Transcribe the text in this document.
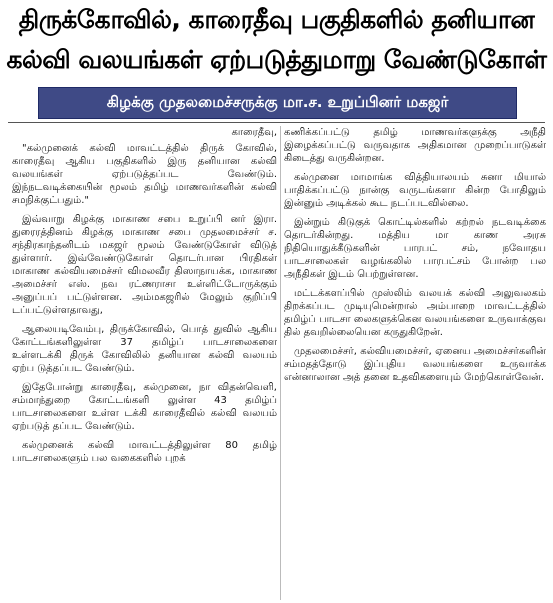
திருக்கோவில், காரைதீவு பகுதிகளில் தனியான
கல்வி வலயங்கள் ஏற்படுத்துமாறு வேண்டுகோள்
கிழக்கு முதலமைச்சருக்கு மா.ச. உறுப்பினர் மகஜர்

காரைதீவு,

"கல்முனைக் கல்வி மாவட்டத்தில் திருக் கோவில், காரைதீவு ஆகிய பகுதிகளில் இரு தனியான கல்வி வலயங்கள் ஏற்படுத்தப்பட வேண்டும். இந்நடவடிக்கையின் மூலம் தமிழ் மாணவர்களின் கல்வி சமநிக்குட்பதும்."

இவ்வாறு கிழக்கு மாகாண சபை உறுப்பி னர் இரா. துரைரத்தினம் கிழக்கு மாகாண சபை முதலமைச்சர் ச. சந்திரகாந்தனிடம் மகஜர் மூலம் வேண்டுகோள் விடுத் துள்ளார். இவ்வேண்டுகோள் தொடர்பான பிரதிகள் மாகாண கல்வியமைச்சர் விமலவீர திஸாநாயக்க, மாகாண அமைச்சர் எஸ். நவ ரட்ணராசா உள்ளிட்டோருக்கும் அனுப்பப் பட்டுள்ளன. அம்மகஜரில் மேலும் குறிப்பி டப்பட்டுள்ளதாவது,

ஆலையடிவேம்பு, திருக்கோவில், பொத் துவில் ஆகிய கோட்டங்களிலுள்ள 37 தமிழ்ப் பாடசாலைகளை உள்ளடக்கி திருக் கோவிலில் தனியான கல்வி வலயம் ஏற்ப டுத்தப்பட வேண்டும்.

இதேபோன்று காரைதீவு, கல்முனை, நா விதன்வெளி, சம்மாந்துறை கோட்டங்களி லுள்ள 43 தமிழ்ப் பாடசாலைகளை உள்ள டக்கி காரைதீவில் கல்வி வலயம் ஏற்படுத் தப்பட வேண்டும்.

கல்முனைக் கல்வி மாவட்டத்திலுள்ள 80 தமிழ் பாடசாலைகளும் பல வகைகளில் புறக்

கணிக்கப்பட்டு தமிழ் மாணவர்களுக்கு அநீதி இழைக்கப்பட்டு வருவதாக அதிகமான முறைப்பாடுகள் கிடைத்து வருகின்றன.

கல்முனை மாமாங்க வித்தியாலயம் சுனா மியால் பாதிக்கப்பட்டு நான்கு வருடங்களா கின்ற போதிலும் இன்னும் அடிக்கல் கூட நடப்படவில்லை.

இன்றும் கிடுகுக் கொட்டில்களில் கற்றல் நடவடிக்கை தொடர்கின்றது. மத்திய மா காண அரசு நிதியொதுக்கீடுகளின் பாரபட் சம், நவோதய பாடசாலைகள் வழங்கலில் பாரபட்சம் போன்ற பல அநீதிகள் இடம் பெற்றுள்ளன.

மட்டக்களப்பில் முஸ்லிம் வலயக் கல்வி அலுவலகம் திறக்கப்பட முடியுமென்றால் அம்பாறை மாவட்டத்தில் தமிழ்ப் பாடசா லைகளுக்கென வலயங்களை உருவாக்குவ தில் தவறில்லையென கருதுகிறேன்.

முதலமைச்சர், கல்வியமைச்சர், ஏனைய அமைச்சர்களின் சம்மதத்தோடு இப்புதிய வலயங்களை உருவாக்க என்னாலான அத் தனை உதவிகளையும் மேற்கொள்வேன்.
